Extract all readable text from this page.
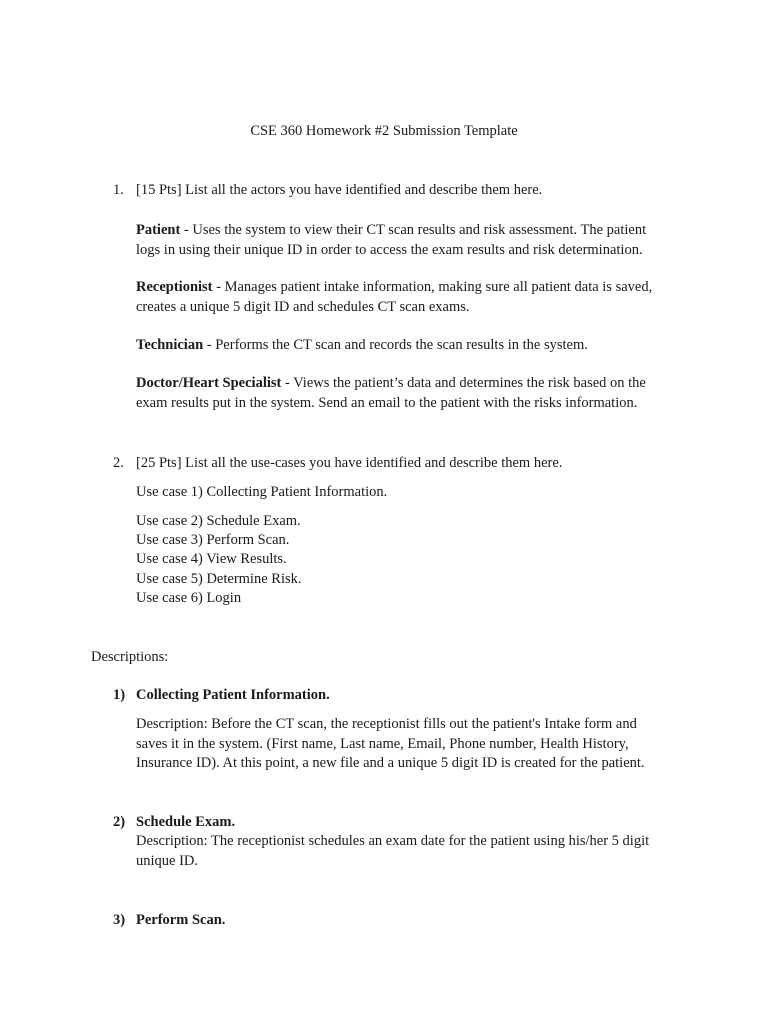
CSE 360 Homework #2 Submission Template
1. [15 Pts] List all the actors you have identified and describe them here.
Patient - Uses the system to view their CT scan results and risk assessment. The patient
logs in using their unique ID in order to access the exam results and risk determination.
Receptionist - Manages patient intake information, making sure all patient data is saved,
creates a unique 5 digit ID and schedules CT scan exams.
Technician - Performs the CT scan and records the scan results in the system.
Doctor/Heart Specialist - Views the patient’s data and determines the risk based on the
exam results put in the system. Send an email to the patient with the risks information.
2. [25 Pts] List all the use-cases you have identified and describe them here.
Use case 1) Collecting Patient Information.
Use case 2) Schedule Exam.
Use case 3) Perform Scan.
Use case 4) View Results.
Use case 5) Determine Risk.
Use case 6) Login
Descriptions:
1) Collecting Patient Information.
Description: Before the CT scan, the receptionist fills out the patient's Intake form and
saves it in the system. (First name, Last name, Email, Phone number, Health History,
Insurance ID). At this point, a new file and a unique 5 digit ID is created for the patient.
2) Schedule Exam.
Description: The receptionist schedules an exam date for the patient using his/her 5 digit
unique ID.
3) Perform Scan.
